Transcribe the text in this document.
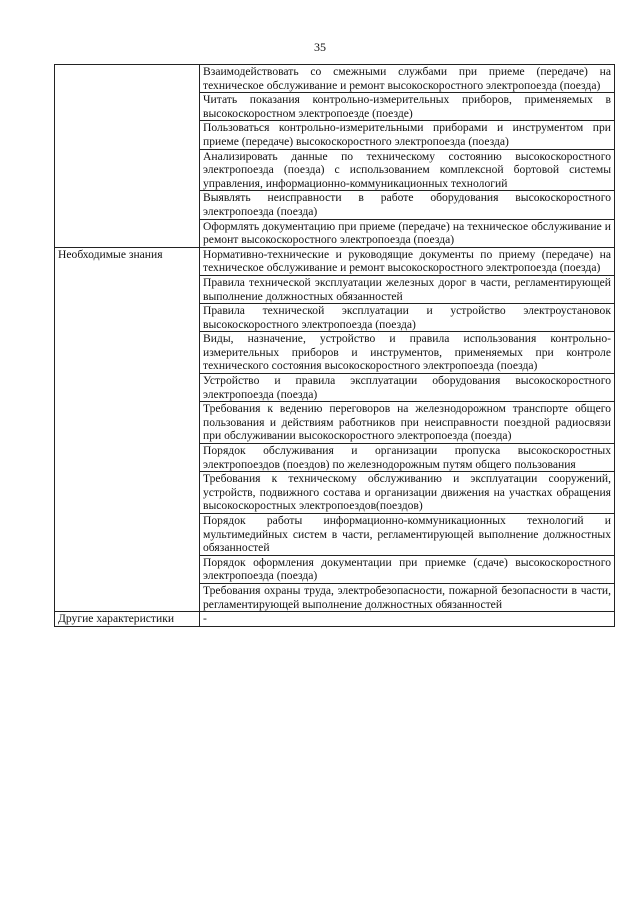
35
	Взаимодействовать со смежными службами при приеме (передаче) на техническое обслуживание и ремонт высокоскоростного электропоезда (поезда)
	Читать показания контрольно-измерительных приборов, применяемых в высокоскоростном электропоезде (поезде)
	Пользоваться контрольно-измерительными приборами и инструментом при приеме (передаче) высокоскоростного электропоезда (поезда)
	Анализировать данные по техническому состоянию высокоскоростного электропоезда (поезда) с использованием комплексной бортовой системы управления, информационно-коммуникационных технологий
	Выявлять неисправности в работе оборудования высокоскоростного электропоезда (поезда)
	Оформлять документацию при приеме (передаче) на техническое обслуживание и ремонт высокоскоростного электропоезда (поезда)
Необходимые знания	Нормативно-технические и руководящие документы по приему (передаче) на техническое обслуживание и ремонт высокоскоростного электропоезда (поезда)
	Правила технической эксплуатации железных дорог в части, регламентирующей выполнение должностных обязанностей
	Правила технической эксплуатации и устройство электроустановок высокоскоростного электропоезда (поезда)
	Виды, назначение, устройство и правила использования контрольно-измерительных приборов и инструментов, применяемых при контроле технического состояния высокоскоростного электропоезда (поезда)
	Устройство и правила эксплуатации оборудования высокоскоростного электропоезда (поезда)
	Требования к ведению переговоров на железнодорожном транспорте общего пользования и действиям работников при неисправности поездной радиосвязи при обслуживании высокоскоростного электропоезда (поезда)
	Порядок обслуживания и организации пропуска высокоскоростных электропоездов (поездов) по железнодорожным путям общего пользования
	Требования к техническому обслуживанию и эксплуатации сооружений, устройств, подвижного состава и организации движения на участках обращения высокоскоростных электропоездов(поездов)
	Порядок работы информационно-коммуникационных технологий и мультимедийных систем в части, регламентирующей выполнение должностных обязанностей
	Порядок оформления документации при приемке (сдаче) высокоскоростного электропоезда (поезда)
	Требования охраны труда, электробезопасности, пожарной безопасности в части, регламентирующей выполнение должностных обязанностей
Другие характеристики	-
